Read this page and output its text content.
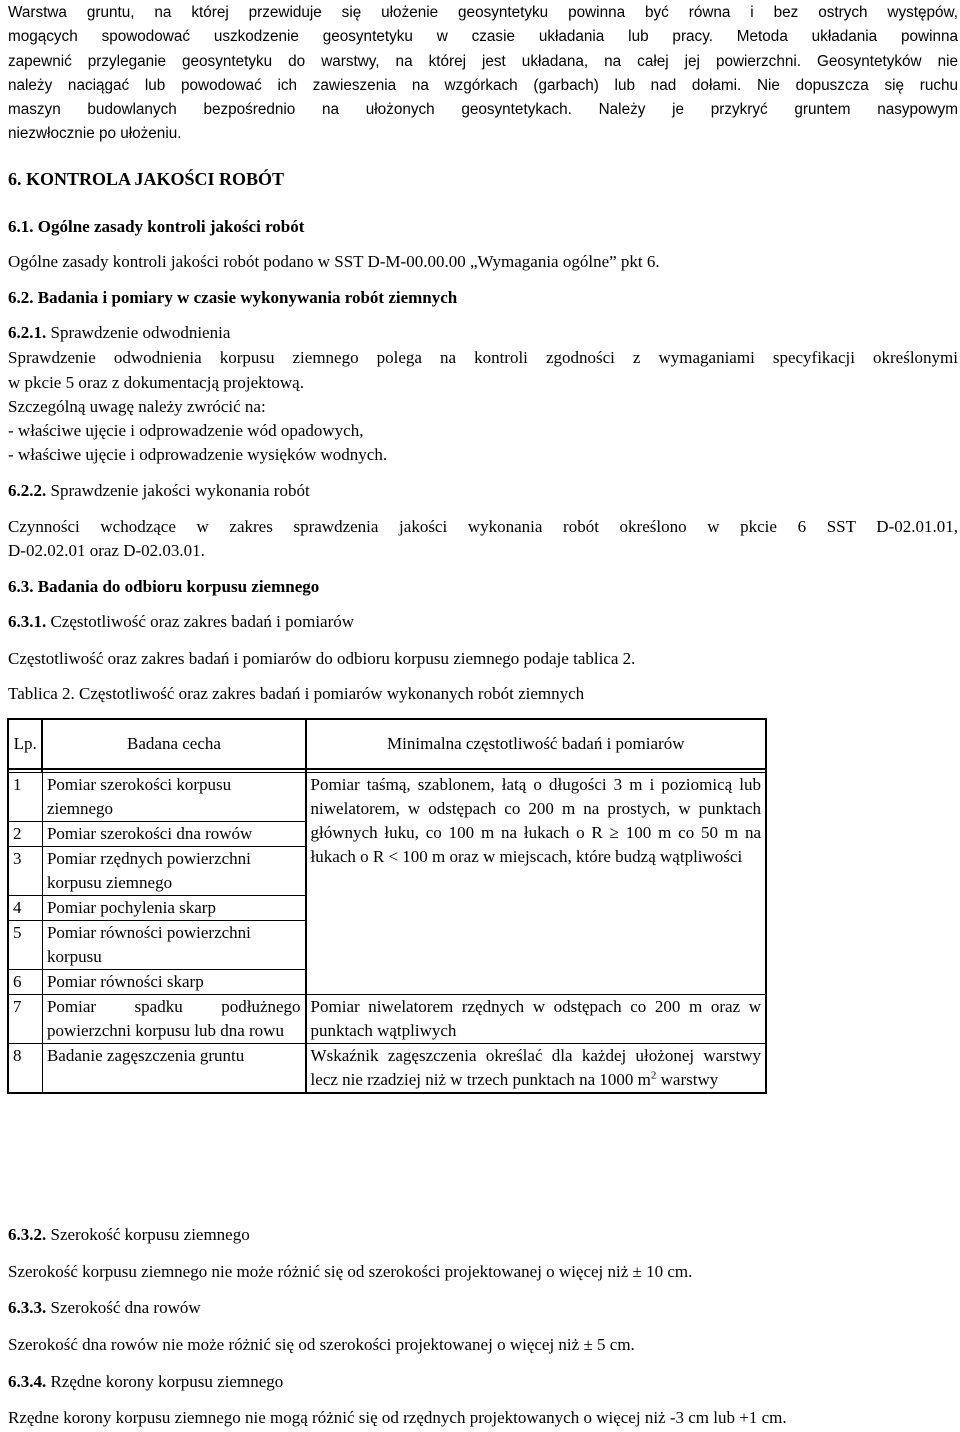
Warstwa gruntu, na której przewiduje się ułożenie geosyntetyku powinna być równa i bez ostrych występów,
mogących spowodować uszkodzenie geosyntetyku w czasie układania lub pracy. Metoda układania powinna
zapewnić przyleganie geosyntetyku do warstwy, na której jest układana, na całej jej powierzchni. Geosyntetyków nie
należy naciągać lub powodować ich zawieszenia na wzgórkach (garbach) lub nad dołami. Nie dopuszcza się ruchu
maszyn budowlanych bezpośrednio na ułożonych geosyntetykach. Należy je przykryć gruntem nasypowym
niezwłocznie po ułożeniu.
6. KONTROLA JAKOŚCI ROBÓT
6.1. Ogólne zasady kontroli jakości robót
Ogólne zasady kontroli jakości robót podano w SST D-M-00.00.00 „Wymagania ogólne” pkt 6.
6.2. Badania i pomiary w czasie wykonywania robót ziemnych
6.2.1. Sprawdzenie odwodnienia
Sprawdzenie odwodnienia korpusu ziemnego polega na kontroli zgodności z wymaganiami specyfikacji określonymi
w pkcie 5 oraz z dokumentacją projektową.
Szczególną uwagę należy zwrócić na:
- właściwe ujęcie i odprowadzenie wód opadowych,
- właściwe ujęcie i odprowadzenie wysięków wodnych.
6.2.2. Sprawdzenie jakości wykonania robót
Czynności wchodzące w zakres sprawdzenia jakości wykonania robót określono w pkcie 6 SST D-02.01.01,
D-02.02.01 oraz D-02.03.01.
6.3. Badania do odbioru korpusu ziemnego
6.3.1. Częstotliwość oraz zakres badań i pomiarów
Częstotliwość oraz zakres badań i pomiarów do odbioru korpusu ziemnego podaje tablica 2.
Tablica 2. Częstotliwość oraz zakres badań i pomiarów wykonanych robót ziemnych
Lp.	Badana cecha	Minimalna częstotliwość badań i pomiarów

1	Pomiar szerokości korpusu ziemnego	Pomiar taśmą, szablonem, łatą o długości 3 m i poziomicą lub niwelatorem, w odstępach co 200 m na prostych, w punktach głównych łuku, co 100 m na łukach o R ≥ 100 m co 50 m na łukach o R < 100 m oraz w miejscach, które budzą wątpliwości
2	Pomiar szerokości dna rowów	
3	Pomiar rzędnych powierzchni korpusu ziemnego	
4	Pomiar pochylenia skarp	
5	Pomiar równości powierzchni korpusu	
6	Pomiar równości skarp	
7	Pomiar spadku podłużnego powierzchni korpusu lub dna rowu	Pomiar niwelatorem rzędnych w odstępach co 200 m oraz w punktach wątpliwych
8	Badanie zagęszczenia gruntu	Wskaźnik zagęszczenia określać dla każdej ułożonej warstwy lecz nie rzadziej niż w trzech punktach na 1000 $m^2$ warstwy
6.3.2. Szerokość korpusu ziemnego
Szerokość korpusu ziemnego nie może różnić się od szerokości projektowanej o więcej niż ± 10 cm.
6.3.3. Szerokość dna rowów
Szerokość dna rowów nie może różnić się od szerokości projektowanej o więcej niż ± 5 cm.
6.3.4. Rzędne korony korpusu ziemnego
Rzędne korony korpusu ziemnego nie mogą różnić się od rzędnych projektowanych o więcej niż -3 cm lub +1 cm.
